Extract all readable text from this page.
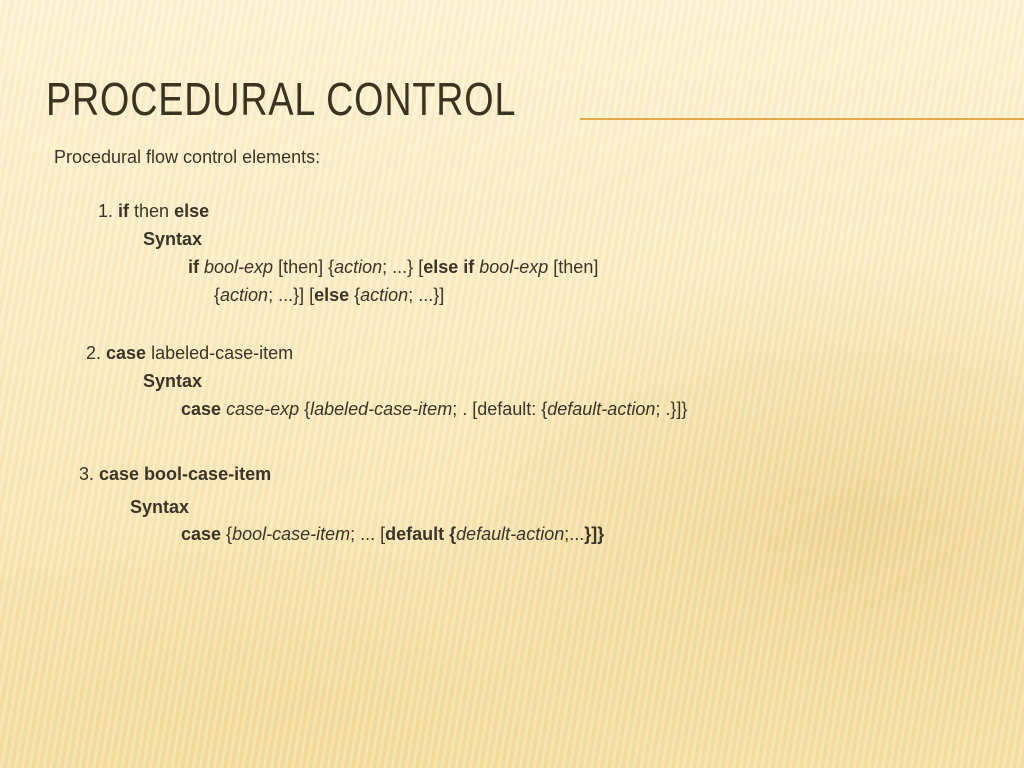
PROCEDURAL CONTROL
Procedural flow control elements:
1. if then else
Syntax
if bool-exp [then] {action; ...} [else if bool-exp [then]
{action; ...}] [else {action; ...}]
2. case labeled-case-item
Syntax
case case-exp {labeled-case-item; . [default: {default-action; .}]}
3. case bool-case-item
Syntax
case {bool-case-item; ... [default {default-action;...}]}
